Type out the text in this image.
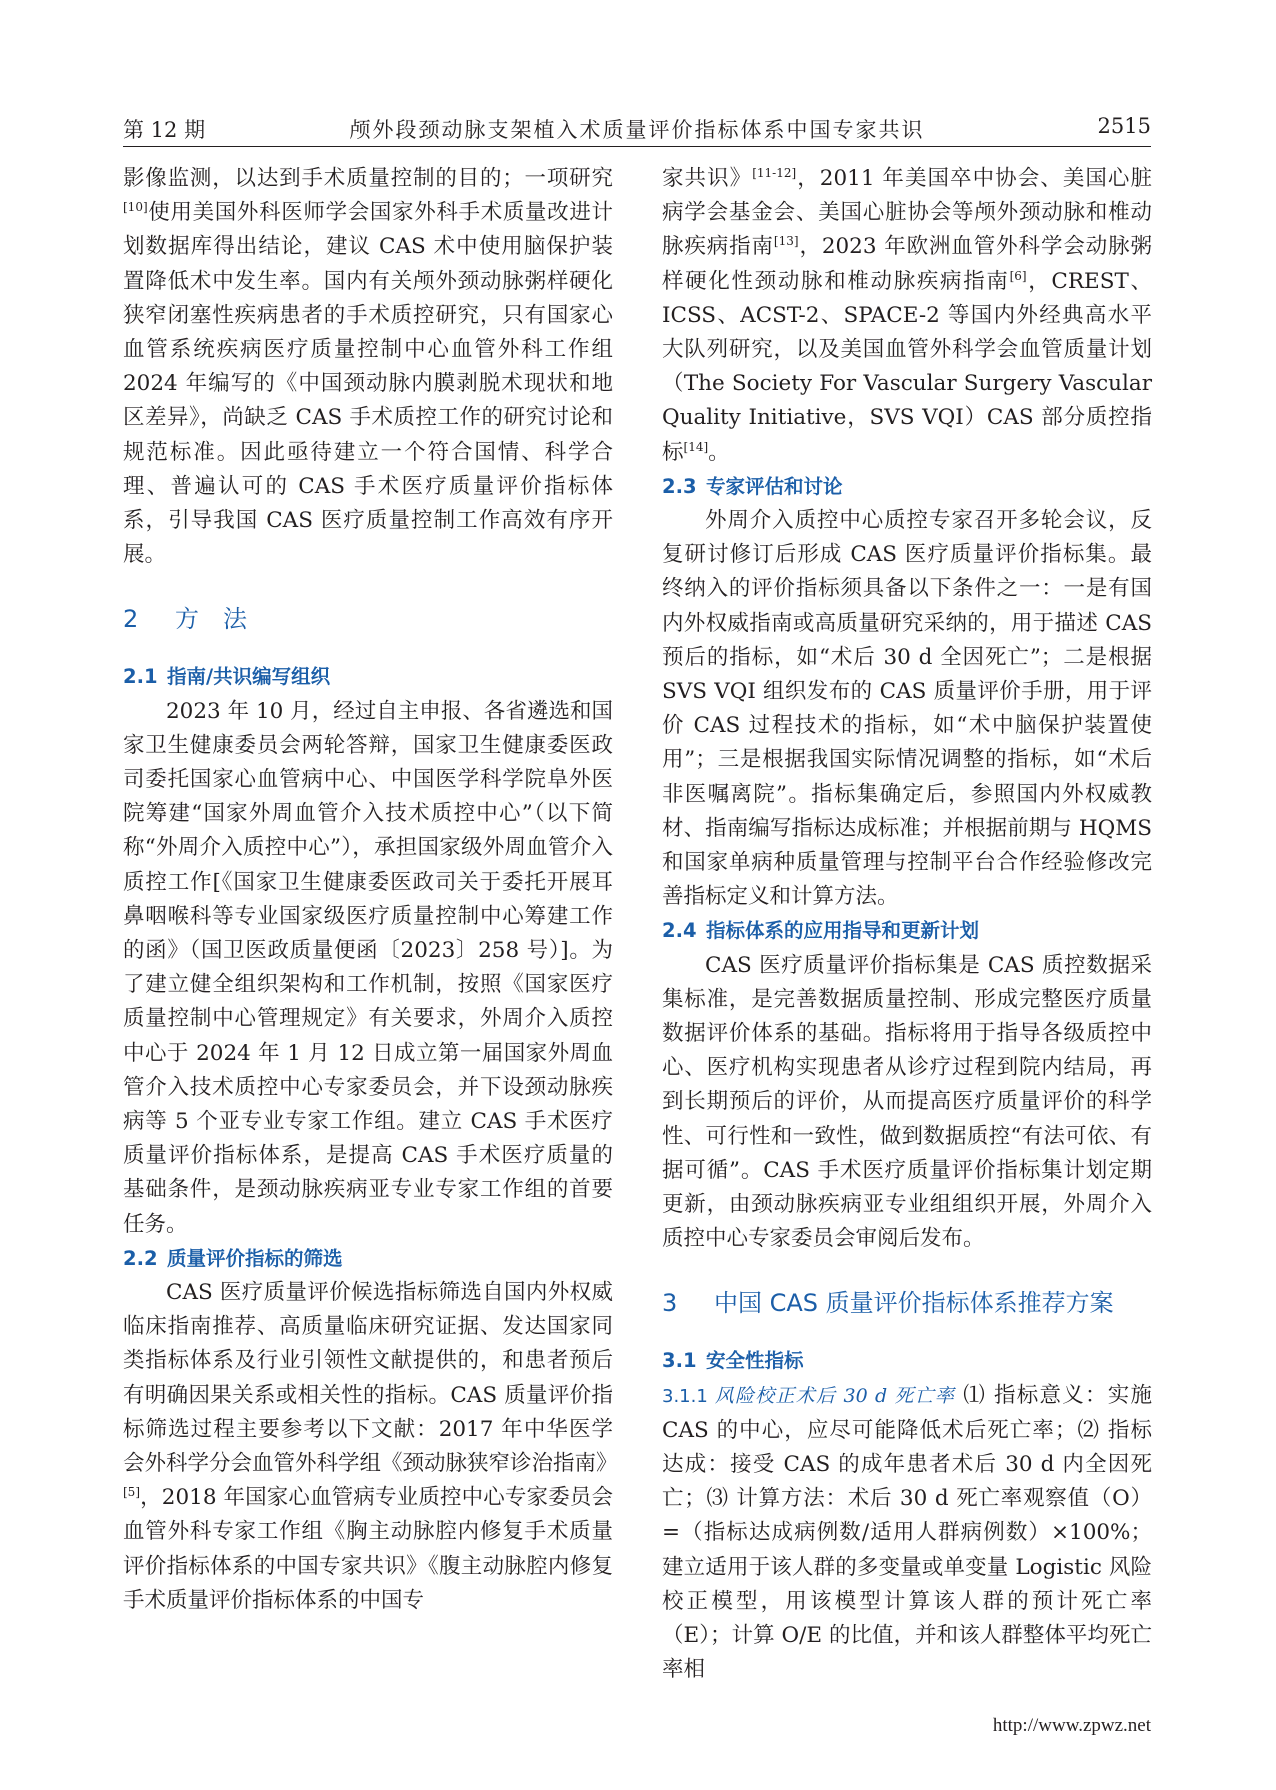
第 12 期	颅外段颈动脉支架植入术质量评价指标体系中国专家共识	2515

影像监测，以达到手术质量控制的目的；一项研究[10]使用美国外科医师学会国家外科手术质量改进计划数据库得出结论，建议 CAS 术中使用脑保护装置降低术中发生率。国内有关颅外颈动脉粥样硬化狭窄闭塞性疾病患者的手术质控研究，只有国家心血管系统疾病医疗质量控制中心血管外科工作组 2024 年编写的《中国颈动脉内膜剥脱术现状和地区差异》，尚缺乏 CAS 手术质控工作的研究讨论和规范标准。因此亟待建立一个符合国情、科学合理、普遍认可的 CAS 手术医疗质量评价指标体系，引导我国 CAS 医疗质量控制工作高效有序开展。

2 方　法
2.1 指南/共识编写组织

2023 年 10 月，经过自主申报、各省遴选和国家卫生健康委员会两轮答辩，国家卫生健康委医政司委托国家心血管病中心、中国医学科学院阜外医院筹建“国家外周血管介入技术质控中心”（以下简称“外周介入质控中心”），承担国家级外周血管介入质控工作[《国家卫生健康委医政司关于委托开展耳鼻咽喉科等专业国家级医疗质量控制中心筹建工作的函》（国卫医政质量便函〔2023〕258 号）]。为了建立健全组织架构和工作机制，按照《国家医疗质量控制中心管理规定》有关要求，外周介入质控中心于 2024 年 1 月 12 日成立第一届国家外周血管介入技术质控中心专家委员会，并下设颈动脉疾病等 5 个亚专业专家工作组。建立 CAS 手术医疗质量评价指标体系，是提高 CAS 手术医疗质量的基础条件，是颈动脉疾病亚专业专家工作组的首要任务。

2.2 质量评价指标的筛选

CAS 医疗质量评价候选指标筛选自国内外权威临床指南推荐、高质量临床研究证据、发达国家同类指标体系及行业引领性文献提供的，和患者预后有明确因果关系或相关性的指标。CAS 质量评价指标筛选过程主要参考以下文献：2017 年中华医学会外科学分会血管外科学组《颈动脉狭窄诊治指南》[5]，2018 年国家心血管病专业质控中心专家委员会血管外科专家工作组《胸主动脉腔内修复手术质量评价指标体系的中国专家共识》《腹主动脉腔内修复手术质量评价指标体系的中国专

家共识》[11-12]，2011 年美国卒中协会、美国心脏病学会基金会、美国心脏协会等颅外颈动脉和椎动脉疾病指南[13]，2023 年欧洲血管外科学会动脉粥样硬化性颈动脉和椎动脉疾病指南[6]，CREST、ICSS、ACST-2、SPACE-2 等国内外经典高水平大队列研究，以及美国血管外科学会血管质量计划（The Society For Vascular Surgery Vascular Quality Initiative，SVS VQI）CAS 部分质控指标[14]。

2.3 专家评估和讨论

外周介入质控中心质控专家召开多轮会议，反复研讨修订后形成 CAS 医疗质量评价指标集。最终纳入的评价指标须具备以下条件之一：一是有国内外权威指南或高质量研究采纳的，用于描述 CAS 预后的指标，如“术后 30 d 全因死亡”；二是根据 SVS VQI 组织发布的 CAS 质量评价手册，用于评价 CAS 过程技术的指标，如“术中脑保护装置使用”；三是根据我国实际情况调整的指标，如“术后非医嘱离院”。指标集确定后，参照国内外权威教材、指南编写指标达成标准；并根据前期与 HQMS 和国家单病种质量管理与控制平台合作经验修改完善指标定义和计算方法。

2.4 指标体系的应用指导和更新计划

CAS 医疗质量评价指标集是 CAS 质控数据采集标准，是完善数据质量控制、形成完整医疗质量数据评价体系的基础。指标将用于指导各级质控中心、医疗机构实现患者从诊疗过程到院内结局，再到长期预后的评价，从而提高医疗质量评价的科学性、可行性和一致性，做到数据质控“有法可依、有据可循”。CAS 手术医疗质量评价指标集计划定期更新，由颈动脉疾病亚专业组组织开展，外周介入质控中心专家委员会审阅后发布。

3 中国 CAS 质量评价指标体系推荐方案
3.1 安全性指标

3.1.1 风险校正术后 30 d 死亡率 ⑴ 指标意义：实施 CAS 的中心，应尽可能降低术后死亡率；⑵ 指标达成：接受 CAS 的成年患者术后 30 d 内全因死亡；⑶ 计算方法：术后 30 d 死亡率观察值（O）=（指标达成病例数/适用人群病例数）×100%；建立适用于该人群的多变量或单变量 Logistic 风险校正模型，用该模型计算该人群的预计死亡率（E）；计算 O/E 的比值，并和该人群整体平均死亡率相

http://www.zpwz.net
